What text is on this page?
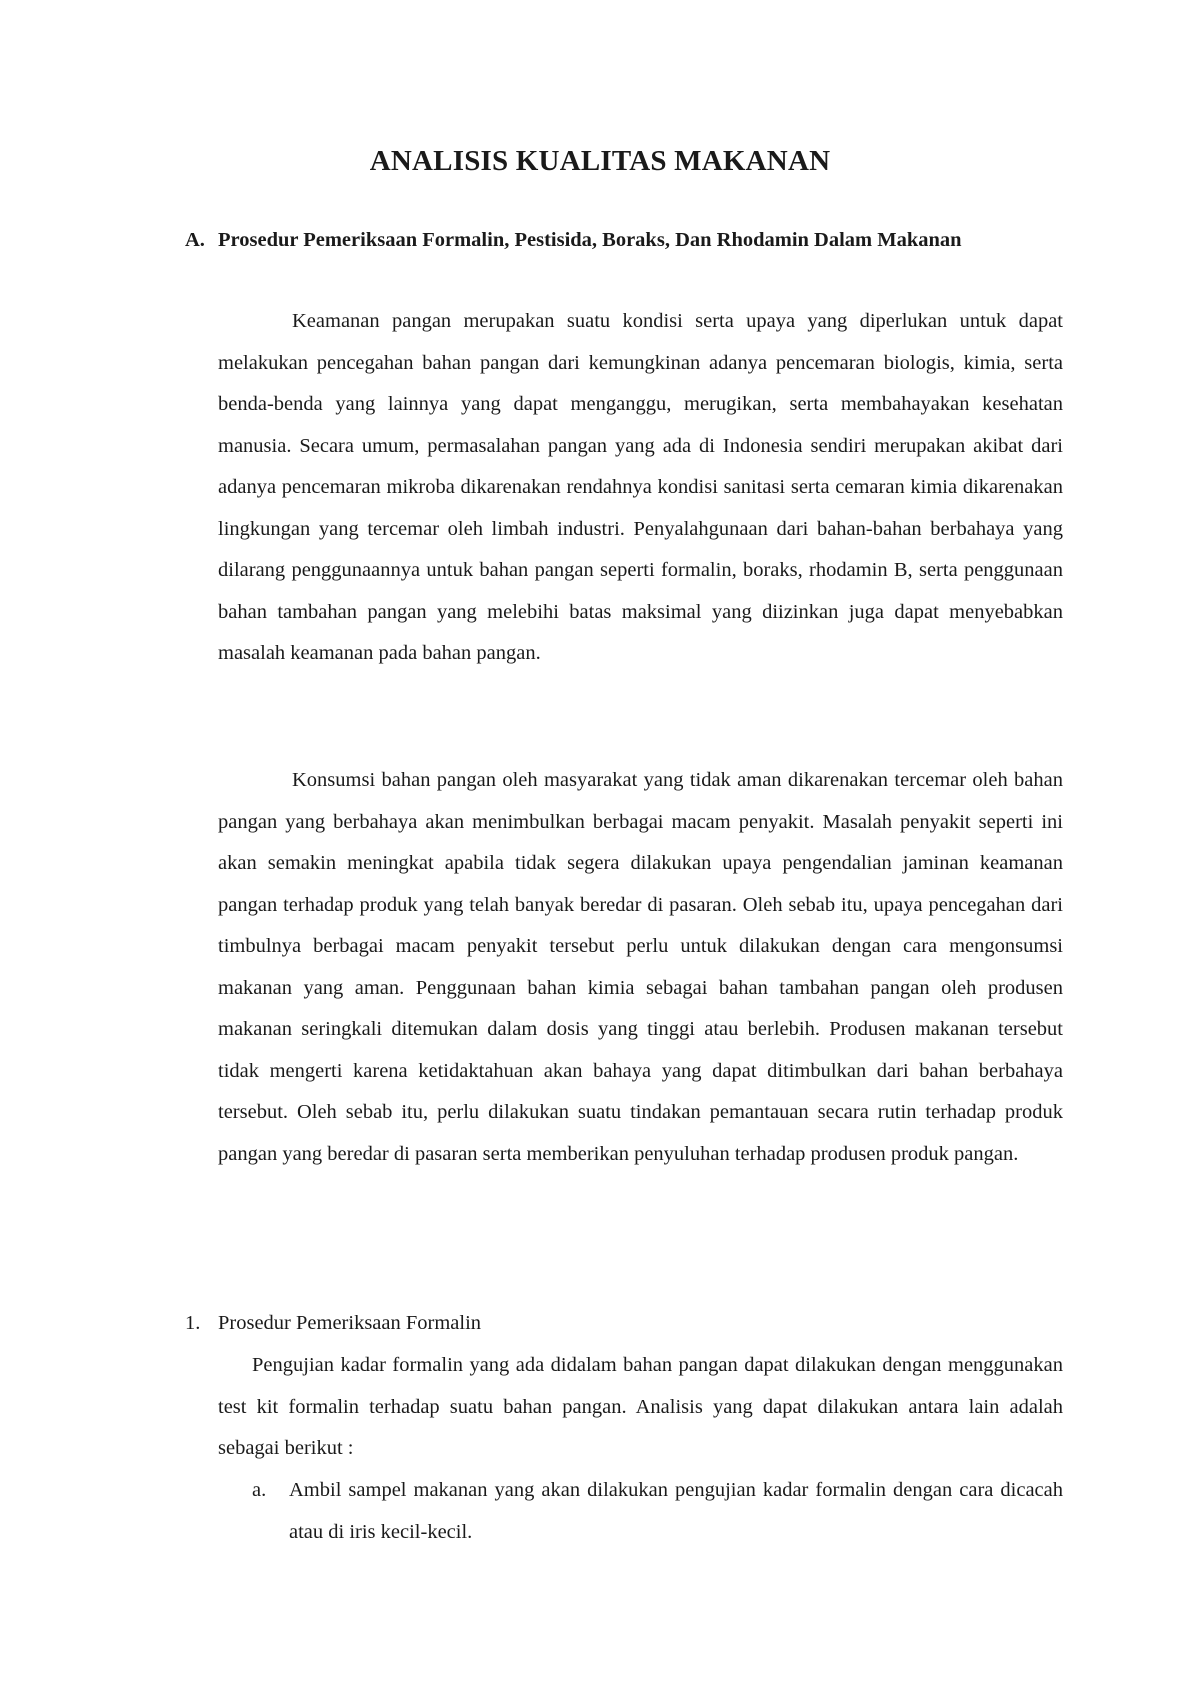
ANALISIS KUALITAS MAKANAN
A. Prosedur Pemeriksaan Formalin, Pestisida, Boraks, Dan Rhodamin Dalam Makanan

Keamanan pangan merupakan suatu kondisi serta upaya yang diperlukan untuk dapat melakukan pencegahan bahan pangan dari kemungkinan adanya pencemaran biologis, kimia, serta benda-benda yang lainnya yang dapat menganggu, merugikan, serta membahayakan kesehatan manusia. Secara umum, permasalahan pangan yang ada di Indonesia sendiri merupakan akibat dari adanya pencemaran mikroba dikarenakan rendahnya kondisi sanitasi serta cemaran kimia dikarenakan lingkungan yang tercemar oleh limbah industri. Penyalahgunaan dari bahan-bahan berbahaya yang dilarang penggunaannya untuk bahan pangan seperti formalin, boraks, rhodamin B, serta penggunaan bahan tambahan pangan yang melebihi batas maksimal yang diizinkan juga dapat menyebabkan masalah keamanan pada bahan pangan.

Konsumsi bahan pangan oleh masyarakat yang tidak aman dikarenakan tercemar oleh bahan pangan yang berbahaya akan menimbulkan berbagai macam penyakit. Masalah penyakit seperti ini akan semakin meningkat apabila tidak segera dilakukan upaya pengendalian jaminan keamanan pangan terhadap produk yang telah banyak beredar di pasaran. Oleh sebab itu, upaya pencegahan dari timbulnya berbagai macam penyakit tersebut perlu untuk dilakukan dengan cara mengonsumsi makanan yang aman. Penggunaan bahan kimia sebagai bahan tambahan pangan oleh produsen makanan seringkali ditemukan dalam dosis yang tinggi atau berlebih. Produsen makanan tersebut tidak mengerti karena ketidaktahuan akan bahaya yang dapat ditimbulkan dari bahan berbahaya tersebut. Oleh sebab itu, perlu dilakukan suatu tindakan pemantauan secara rutin terhadap produk pangan yang beredar di pasaran serta memberikan penyuluhan terhadap produsen produk pangan.

1. Prosedur Pemeriksaan Formalin

Pengujian kadar formalin yang ada didalam bahan pangan dapat dilakukan dengan menggunakan test kit formalin terhadap suatu bahan pangan. Analisis yang dapat dilakukan antara lain adalah sebagai berikut :

a. Ambil sampel makanan yang akan dilakukan pengujian kadar formalin dengan cara dicacah atau di iris kecil-kecil.
